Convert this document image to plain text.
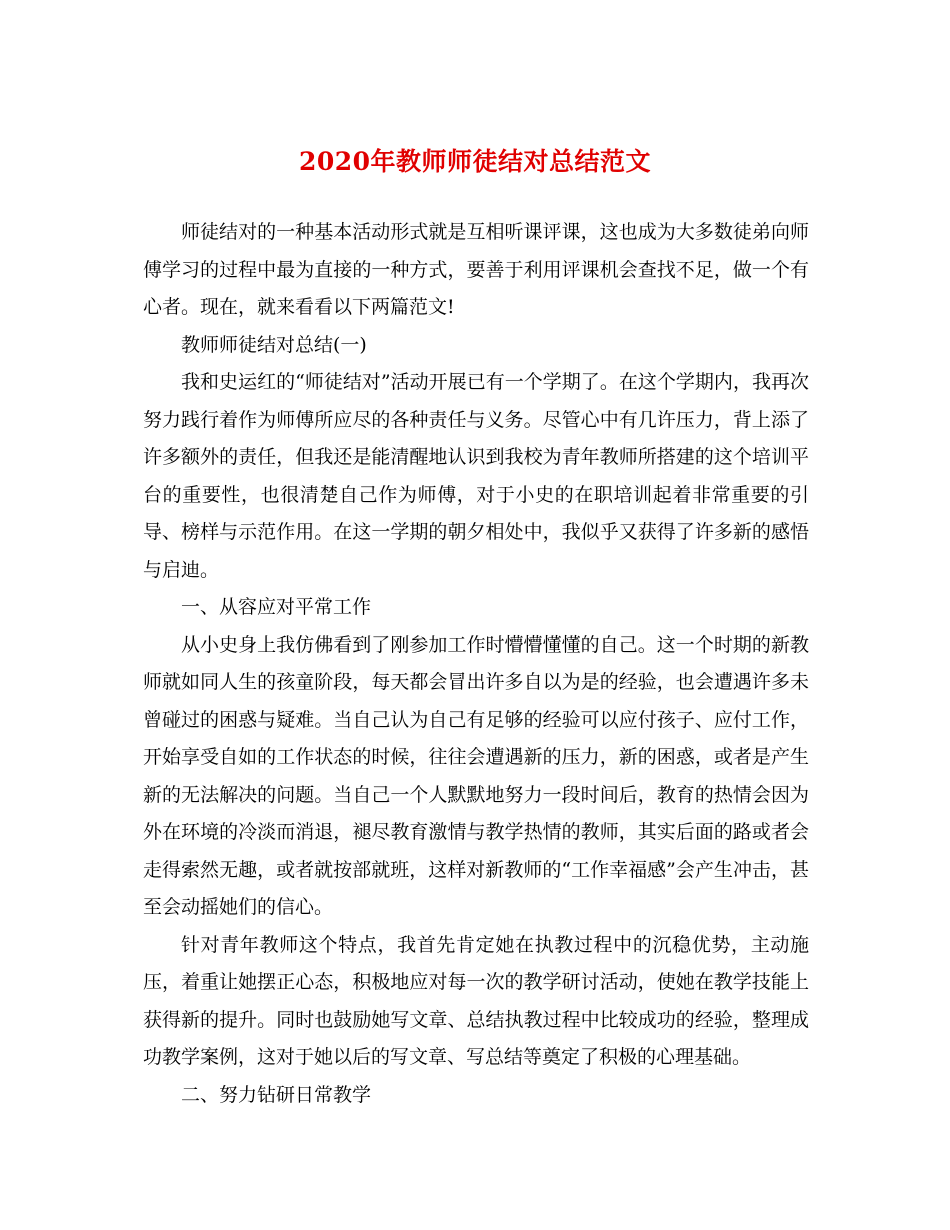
2020年教师师徒结对总结范文

师徒结对的一种基本活动形式就是互相听课评课，这也成为大多数徒弟向师傅学习的过程中最为直接的一种方式，要善于利用评课机会查找不足，做一个有心者。现在，就来看看以下两篇范文!

教师师徒结对总结(一)

我和史运红的“师徒结对”活动开展已有一个学期了。在这个学期内，我再次努力践行着作为师傅所应尽的各种责任与义务。尽管心中有几许压力，背上添了许多额外的责任，但我还是能清醒地认识到我校为青年教师所搭建的这个培训平台的重要性，也很清楚自己作为师傅，对于小史的在职培训起着非常重要的引导、榜样与示范作用。在这一学期的朝夕相处中，我似乎又获得了许多新的感悟与启迪。

一、从容应对平常工作

从小史身上我仿佛看到了刚参加工作时懵懵懂懂的自己。这一个时期的新教师就如同人生的孩童阶段，每天都会冒出许多自以为是的经验，也会遭遇许多未曾碰过的困惑与疑难。当自己认为自己有足够的经验可以应付孩子、应付工作，开始享受自如的工作状态的时候，往往会遭遇新的压力，新的困惑，或者是产生新的无法解决的问题。当自己一个人默默地努力一段时间后，教育的热情会因为外在环境的冷淡而消退，褪尽教育激情与教学热情的教师，其实后面的路或者会走得索然无趣，或者就按部就班，这样对新教师的“工作幸福感”会产生冲击，甚至会动摇她们的信心。

针对青年教师这个特点，我首先肯定她在执教过程中的沉稳优势，主动施压，着重让她摆正心态，积极地应对每一次的教学研讨活动，使她在教学技能上获得新的提升。同时也鼓励她写文章、总结执教过程中比较成功的经验，整理成功教学案例，这对于她以后的写文章、写总结等奠定了积极的心理基础。

二、努力钻研日常教学
